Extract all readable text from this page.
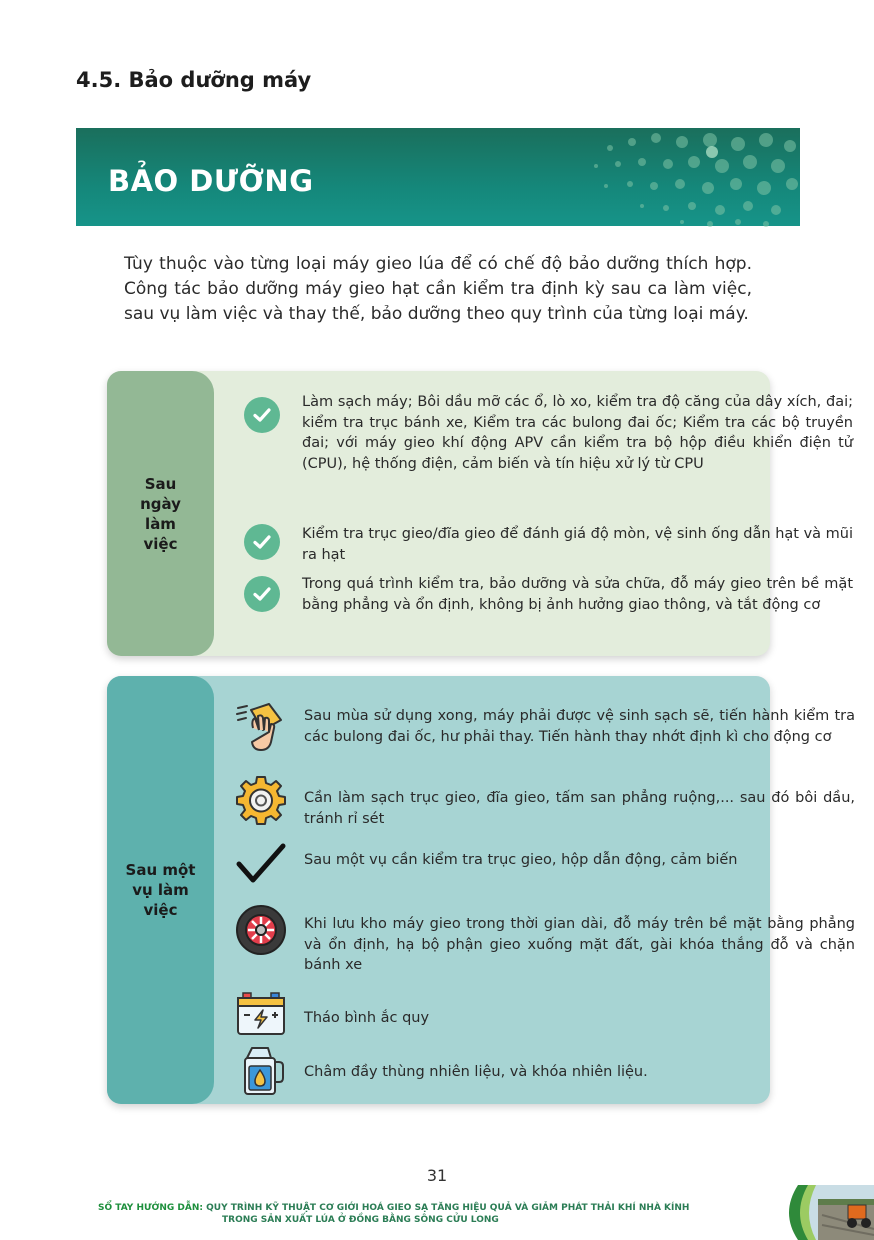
4.5. Bảo dưỡng máy
BẢO DƯỠNG

Tùy thuộc vào từng loại máy gieo lúa để có chế độ bảo dưỡng thích hợp. Công tác bảo dưỡng máy gieo hạt cần kiểm tra định kỳ sau ca làm việc, sau vụ làm việc và thay thế, bảo dưỡng theo quy trình của từng loại máy.

Sau ngày làm việc
Làm sạch máy; Bôi dầu mỡ các ổ, lò xo, kiểm tra độ căng của dây xích, đai; kiểm tra trục bánh xe, Kiểm tra các bulong đai ốc; Kiểm tra các bộ truyền đai; với máy gieo khí động APV cần kiểm tra bộ hộp điều khiển điện tử (CPU), hệ thống điện, cảm biến và tín hiệu xử lý từ CPU
Kiểm tra trục gieo/đĩa gieo để đánh giá độ mòn, vệ sinh ống dẫn hạt và mũi ra hạt
Trong quá trình kiểm tra, bảo dưỡng và sửa chữa, đỗ máy gieo trên bề mặt bằng phẳng và ổn định, không bị ảnh hưởng giao thông, và tắt động cơ
Sau một vụ làm việc
Sau mùa sử dụng xong, máy phải được vệ sinh sạch sẽ, tiến hành kiểm tra các bulong đai ốc, hư phải thay. Tiến hành thay nhớt định kì cho động cơ
Cần làm sạch trục gieo, đĩa gieo, tấm san phẳng ruộng,... sau đó bôi dầu, tránh rỉ sét
Sau một vụ cần kiểm tra trục gieo, hộp dẫn động, cảm biến
Khi lưu kho máy gieo trong thời gian dài, đỗ máy trên bề mặt bằng phẳng và ổn định, hạ bộ phận gieo xuống mặt đất, gài khóa thắng đỗ và chặn bánh xe
Tháo bình ắc quy
Châm đầy thùng nhiên liệu, và khóa nhiên liệu.
31
SỔ TAY HƯỚNG DẪN: QUY TRÌNH KỸ THUẬT CƠ GIỚI HOÁ GIEO SẠ TĂNG HIỆU QUẢ VÀ GIẢM PHÁT THẢI KHÍ NHÀ KÍNH
TRONG SẢN XUẤT LÚA Ở ĐỒNG BẰNG SÔNG CỬU LONG
